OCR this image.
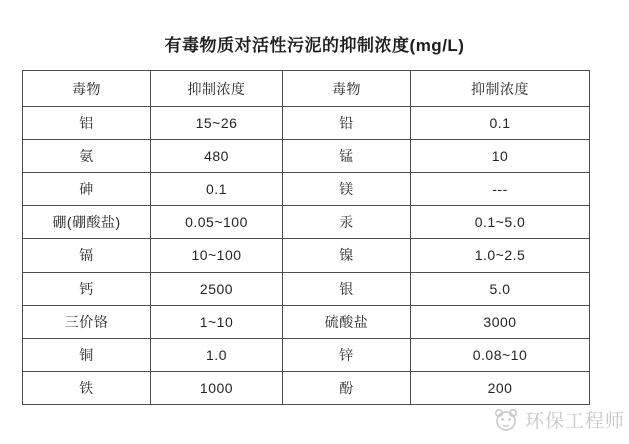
有毒物质对活性污泥的抑制浓度(mg/L)
毒物	抑制浓度	毒物	抑制浓度
铝	15~26	铅	0.1
氨	480	锰	10
砷	0.1	镁	---
硼(硼酸盐)	0.05~100	汞	0.1~5.0
镉	10~100	镍	1.0~2.5
钙	2500	银	5.0
三价铬	1~10	硫酸盐	3000
铜	1.0	锌	0.08~10
铁	1000	酚	200
环保工程师
